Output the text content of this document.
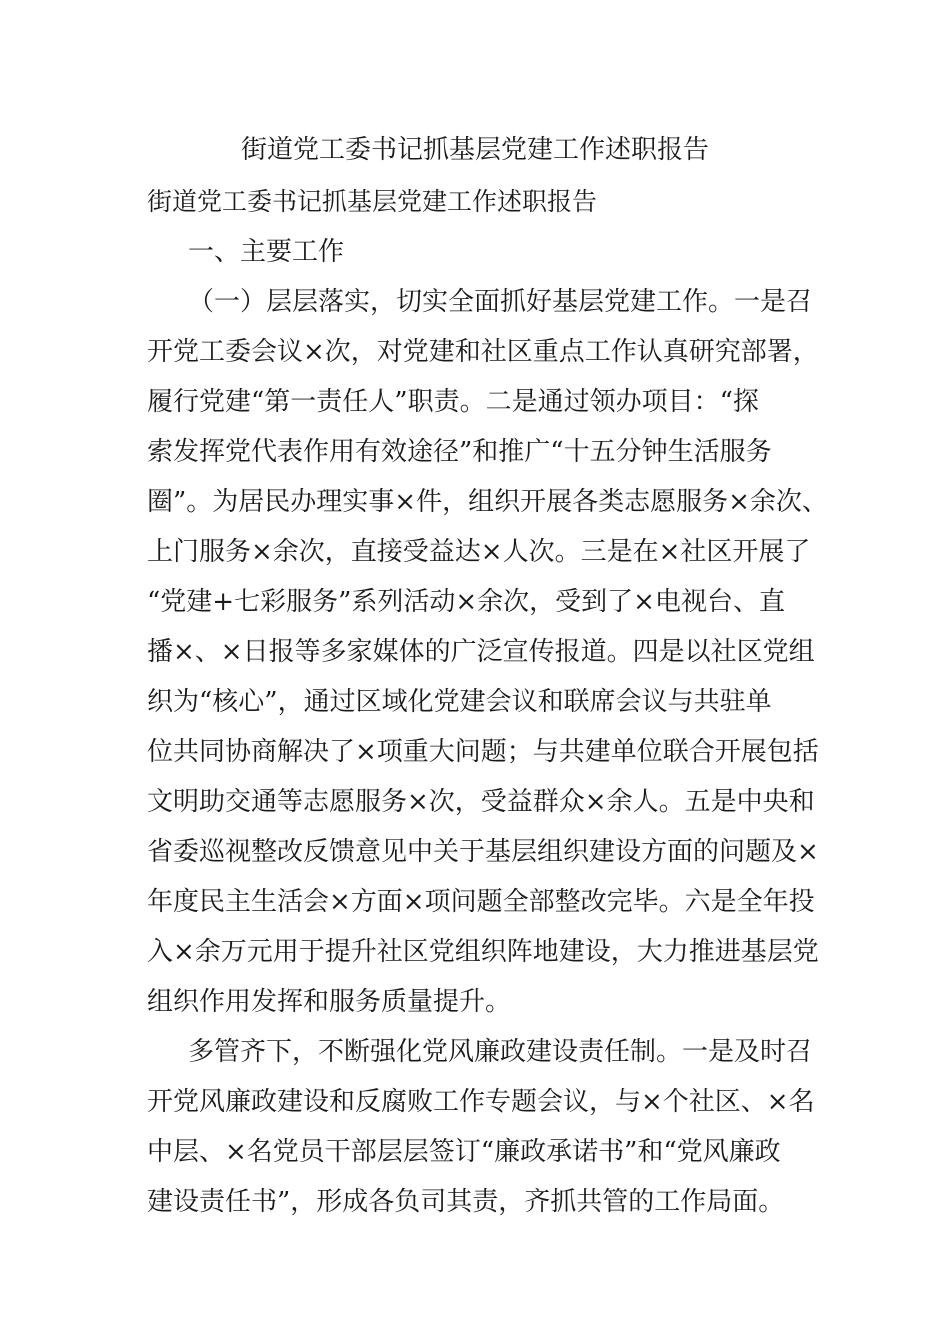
街道党工委书记抓基层党建工作述职报告
街道党工委书记抓基层党建工作述职报告
一、主要工作
（一）层层落实，切实全面抓好基层党建工作。一是召
开党工委会议×次，对党建和社区重点工作认真研究部署，
履行党建“第一责任人”职责。二是通过领办项目：“探
索发挥党代表作用有效途径”和推广“十五分钟生活服务
圈”。为居民办理实事×件，组织开展各类志愿服务×余次、
上门服务×余次，直接受益达×人次。三是在×社区开展了
“党建+七彩服务”系列活动×余次，受到了×电视台、直
播×、×日报等多家媒体的广泛宣传报道。四是以社区党组
织为“核心”，通过区域化党建会议和联席会议与共驻单
位共同协商解决了×项重大问题；与共建单位联合开展包括
文明助交通等志愿服务×次，受益群众×余人。五是中央和
省委巡视整改反馈意见中关于基层组织建设方面的问题及×
年度民主生活会×方面×项问题全部整改完毕。六是全年投
入×余万元用于提升社区党组织阵地建设，大力推进基层党
组织作用发挥和服务质量提升。
多管齐下，不断强化党风廉政建设责任制。一是及时召
开党风廉政建设和反腐败工作专题会议，与×个社区、×名
中层、×名党员干部层层签订“廉政承诺书”和“党风廉政
建设责任书”，形成各负司其责，齐抓共管的工作局面。
